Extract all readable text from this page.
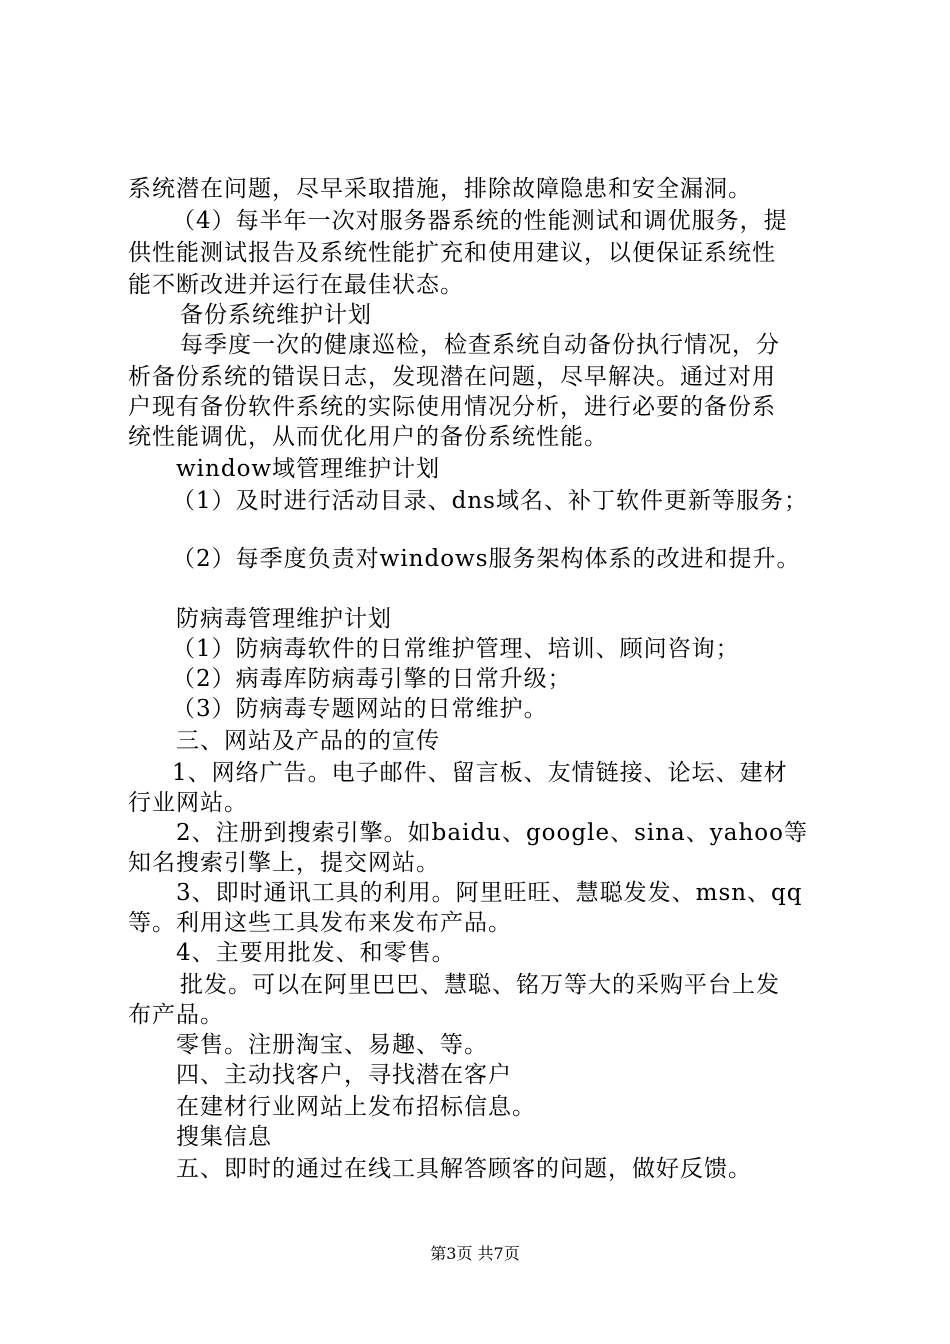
系统潜在问题，尽早采取措施，排除故障隐患和安全漏洞。
（4）每半年一次对服务器系统的性能测试和调优服务，提
供性能测试报告及系统性能扩充和使用建议，以便保证系统性
能不断改进并运行在最佳状态。
备份系统维护计划
每季度一次的健康巡检，检查系统自动备份执行情况，分
析备份系统的错误日志，发现潜在问题，尽早解决。通过对用
户现有备份软件系统的实际使用情况分析，进行必要的备份系
统性能调优，从而优化用户的备份系统性能。
window域管理维护计划
（1）及时进行活动目录、dns域名、补丁软件更新等服务；
（2）每季度负责对windows服务架构体系的改进和提升。
防病毒管理维护计划
（1）防病毒软件的日常维护管理、培训、顾问咨询；
（2）病毒库防病毒引擎的日常升级；
（3）防病毒专题网站的日常维护。
三、网站及产品的的宣传
1、网络广告。电子邮件、留言板、友情链接、论坛、建材
行业网站。
2、注册到搜索引擎。如baidu、google、sina、yahoo等
知名搜索引擎上，提交网站。
3、即时通讯工具的利用。阿里旺旺、慧聪发发、msn、qq
等。利用这些工具发布来发布产品。
4、主要用批发、和零售。
批发。可以在阿里巴巴、慧聪、铭万等大的采购平台上发
布产品。
零售。注册淘宝、易趣、等。
四、主动找客户，寻找潜在客户
在建材行业网站上发布招标信息。
搜集信息
五、即时的通过在线工具解答顾客的问题，做好反馈。
第3页 共7页
